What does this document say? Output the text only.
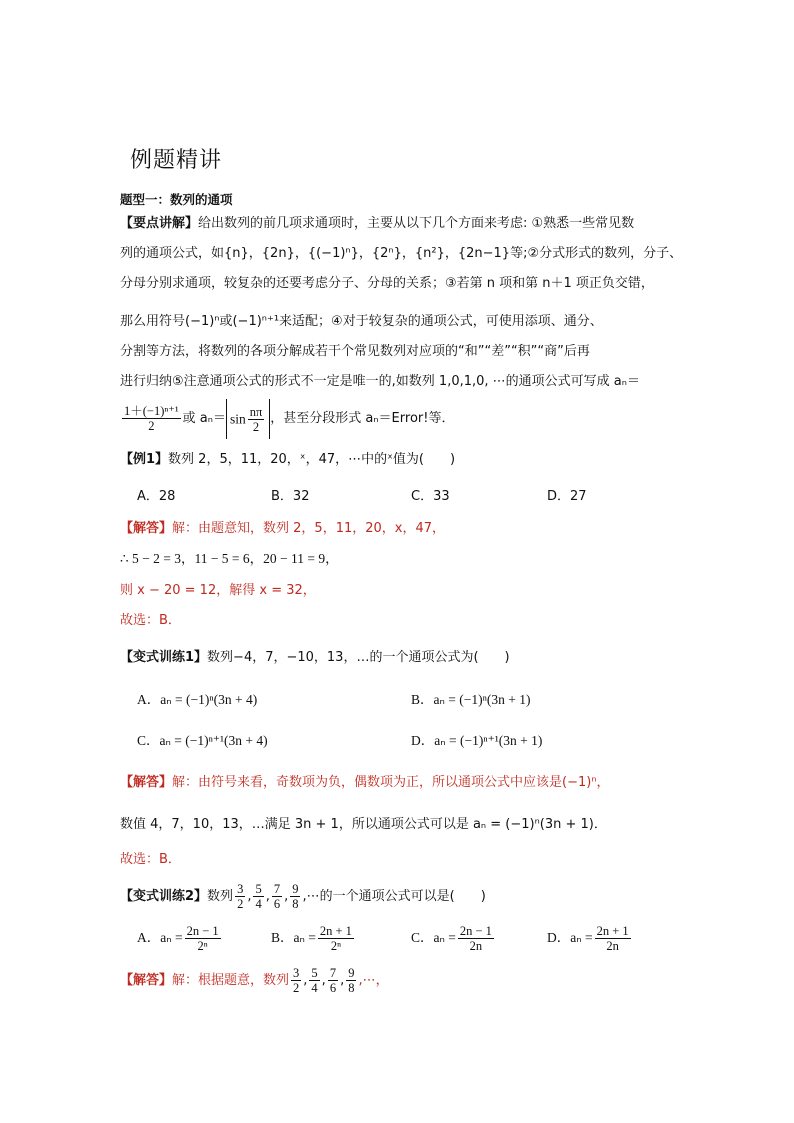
例题精讲
题型一：数列的通项
【要点讲解】给出数列的前几项求通项时，主要从以下几个方面来考虑: ①熟悉一些常见数
列的通项公式，如{n}，{2n}，{(−1)ⁿ}，{2ⁿ}，{n²}，{2n−1}等;②分式形式的数列，分子、
分母分别求通项，较复杂的还要考虑分子、分母的关系；③若第 n 项和第 n＋1 项正负交错，
那么用符号(−1)ⁿ或(−1)ⁿ⁺¹来适配；④对于较复杂的通项公式，可使用添项、通分、
分割等方法，将数列的各项分解成若干个常见数列对应项的“和”“差”“积”“商”后再
进行归纳⑤注意通项公式的形式不一定是唯一的,如数列 1,0,1,0, ⋯的通项公式可写成 aₙ＝
$\frac{\text{1＋(−1)ⁿ⁺¹}}{2}$ 或 $a_n= \sin \frac{n\pi}{2}$ ，甚至分段形式 aₙ＝Error!等．
【例1】数列 2，5，11，20，ˣ，47，⋯中的ˣ值为(　　)
A．28	B．32	C．33	D．27
【解答】解：由题意知，数列 2，5，11，20，x，47，
∴ 5 − 2 = 3，11 − 5 = 6，20 − 11 = 9，
则 x − 20 = 12，解得 x = 32，
故选：B．
【变式训练1】数列−4，7，−10，13，…的一个通项公式为(　　)
A．aₙ = (−1)ⁿ(3n + 4)	B．aₙ = (−1)ⁿ(3n + 1)
C．aₙ = (−1)ⁿ⁺¹(3n + 4)	D．aₙ = (−1)ⁿ⁺¹(3n + 1)
【解答】解：由符号来看，奇数项为负，偶数项为正，所以通项公式中应该是(−1)ⁿ，
数值 4，7，10，13，…满足 3n + 1，所以通项公式可以是 aₙ = (−1)ⁿ(3n + 1)．
故选：B．
【变式训练2】数列 $\frac{3}{2}$ , $\frac{5}{4}$ , $\frac{7}{6}$ , $\frac{9}{8}$ ,⋯的一个通项公式可以是(　　)
A．$a_n = \frac{2n - 1}{\text{2ⁿ}}$	B．$a_n = \frac{2n + 1}{\text{2ⁿ}}$	C．$a_n = \frac{2n - 1}{2n}$	D．$a_n = \frac{2n + 1}{2n}$
【解答】解：根据题意，数列 $\frac{3}{2}$ , $\frac{5}{4}$ , $\frac{7}{6}$ , $\frac{9}{8}$ ,⋯，
